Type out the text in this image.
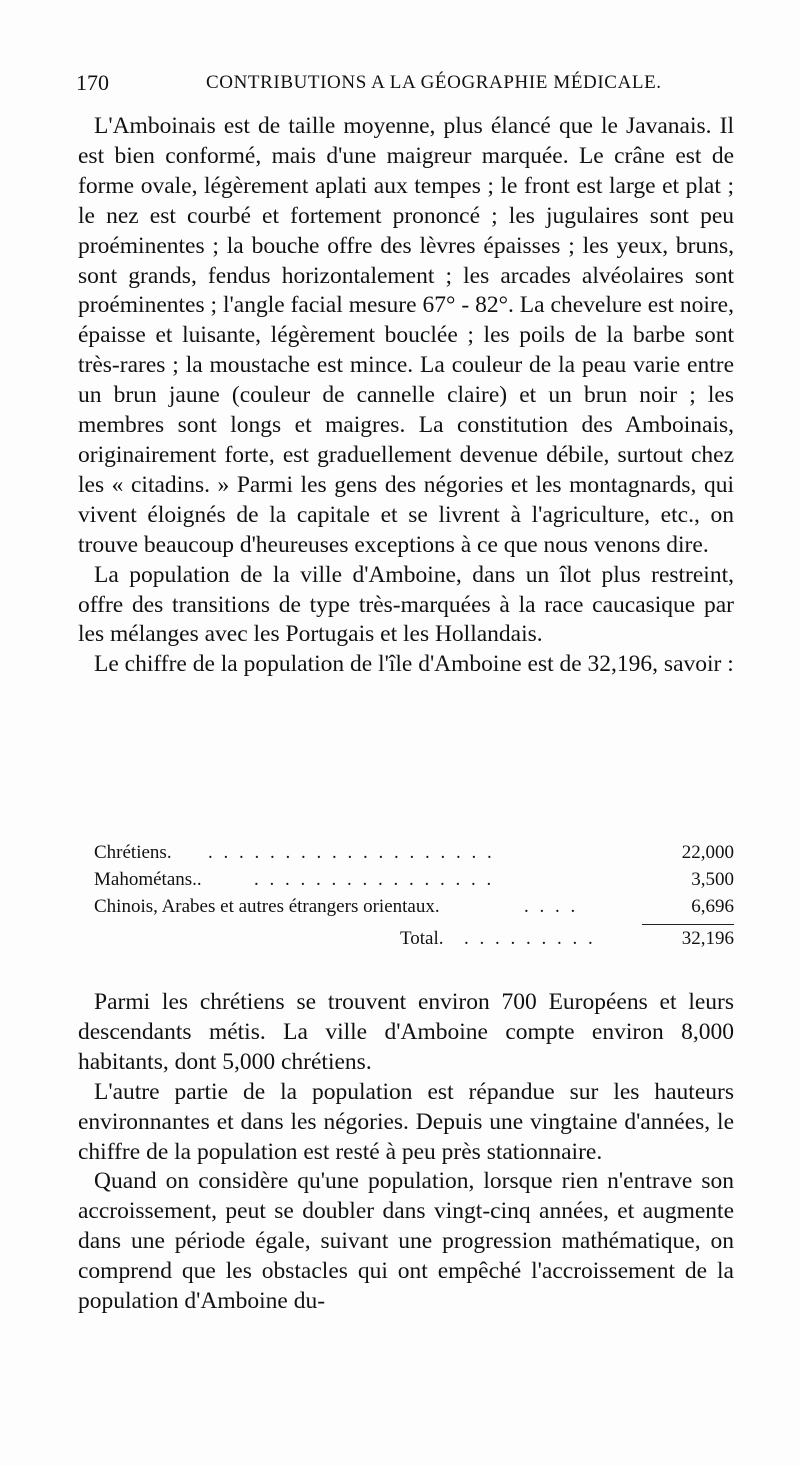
170	CONTRIBUTIONS A LA GÉOGRAPHIE MÉDICALE.

L'Amboinais est de taille moyenne, plus élancé que le Javanais. Il est bien conformé, mais d'une maigreur marquée. Le crâne est de forme ovale, légèrement aplati aux tempes ; le front est large et plat ; le nez est courbé et fortement prononcé ; les jugulaires sont peu proéminentes ; la bouche offre des lèvres épaisses ; les yeux, bruns, sont grands, fendus horizontalement ; les arcades alvéolaires sont proéminentes ; l'angle facial mesure 67° - 82°. La chevelure est noire, épaisse et luisante, légèrement bouclée ; les poils de la barbe sont très-rares ; la moustache est mince. La couleur de la peau varie entre un brun jaune (couleur de cannelle claire) et un brun noir ; les membres sont longs et maigres. La constitution des Amboinais, originairement forte, est graduellement devenue débile, surtout chez les « citadins. » Parmi les gens des négories et les montagnards, qui vivent éloignés de la capitale et se livrent à l'agriculture, etc., on trouve beaucoup d'heureuses exceptions à ce que nous venons dire.

La population de la ville d'Amboine, dans un îlot plus restreint, offre des transitions de type très-marquées à la race caucasique par les mélanges avec les Portugais et les Hollandais.

Le chiffre de la population de l'île d'Amboine est de 32,196, savoir :

Chrétiens. . . . . . . . . . . . . . . . . . . .	22,000
Mahométans..	. . . . . . . . . . . . . . . .	3,500
Chinois, Arabes et autres étrangers orientaux.	. . . .	6,696
Total. . . . . . . . . .	32,196

Parmi les chrétiens se trouvent environ 700 Européens et leurs descendants métis. La ville d'Amboine compte environ 8,000 habitants, dont 5,000 chrétiens.

L'autre partie de la population est répandue sur les hauteurs environnantes et dans les négories. Depuis une vingtaine d'années, le chiffre de la population est resté à peu près stationnaire.

Quand on considère qu'une population, lorsque rien n'entrave son accroissement, peut se doubler dans vingt-cinq années, et augmente dans une période égale, suivant une progression mathématique, on comprend que les obstacles qui ont empêché l'accroissement de la population d'Amboine du-
